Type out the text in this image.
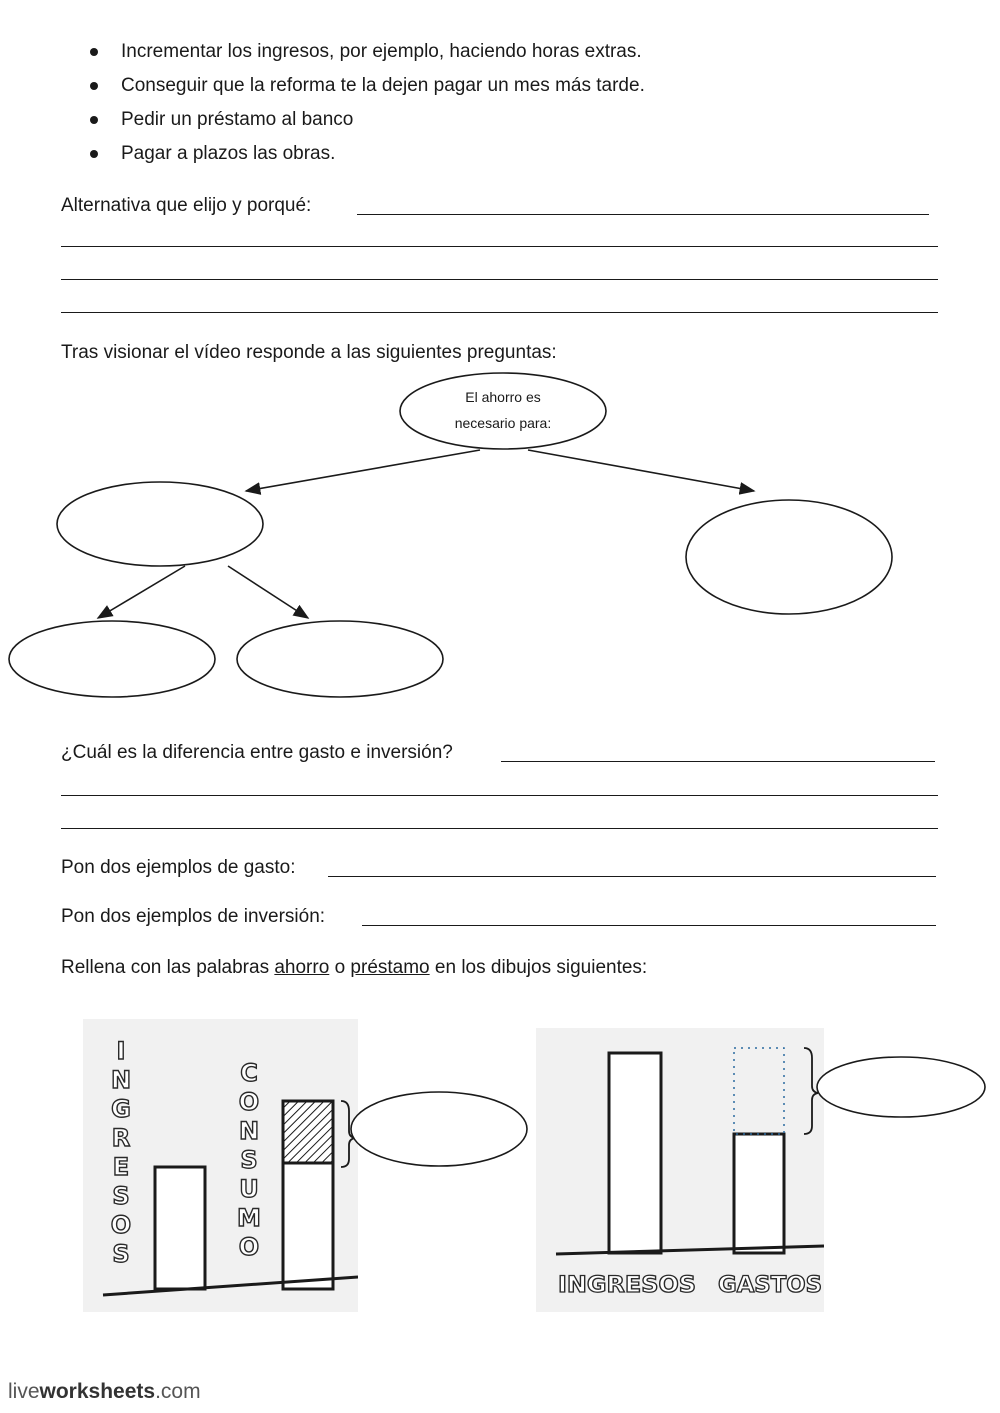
Incrementar los ingresos, por ejemplo, haciendo horas extras.
Conseguir que la reforma te la dejen pagar un mes más tarde.
Pedir un préstamo al banco
Pagar a plazos las obras.
Alternativa que elijo y porqué:
Tras visionar el vídeo responde a las siguientes preguntas:
El ahorro es
necesario para:
¿Cuál es la diferencia entre gasto e inversión?
Pon dos ejemplos de gasto:
Pon dos ejemplos de inversión:
Rellena con las palabras ahorro o préstamo en los dibujos siguientes:
I
N
G
R
E
S
O
S
C
O
N
S
U
M
O
INGRESOS GASTOS
liveworksheets.com
